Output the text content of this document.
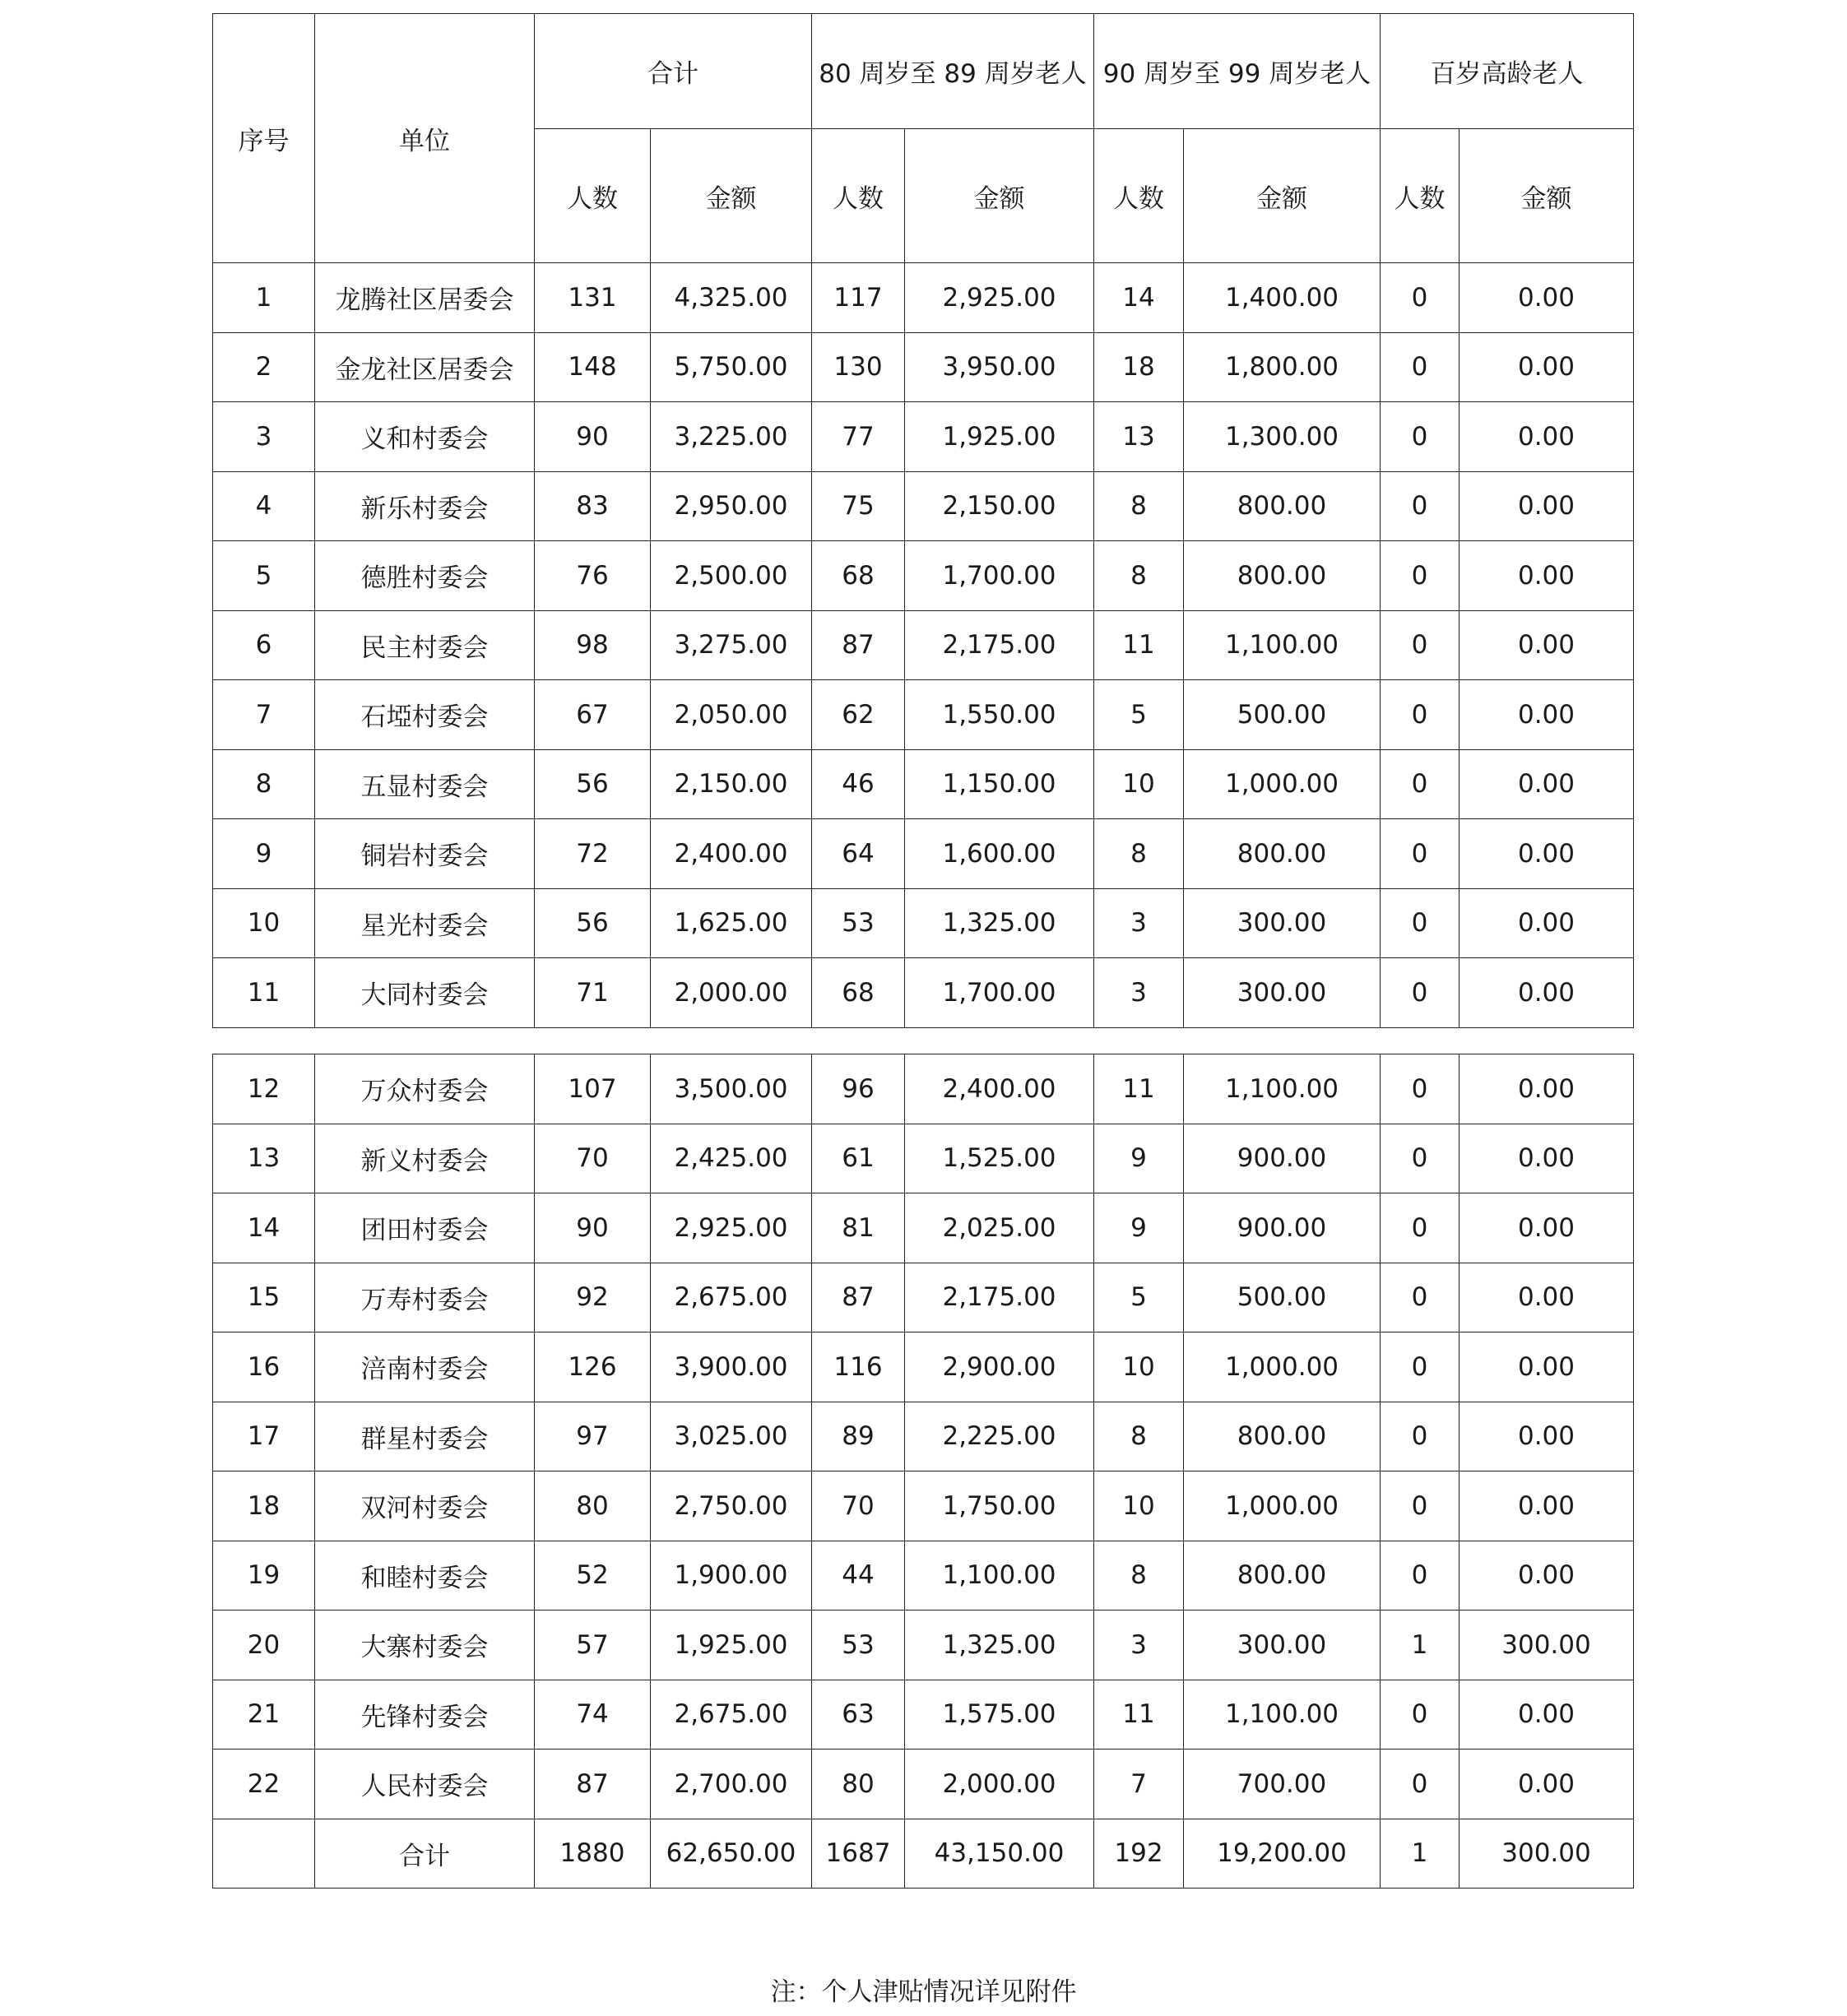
序号	单位	合计		80 周岁至 89 周岁老人		90 周岁至 99 周岁老人		百岁高龄老人	
		人数	金额	人数	金额	人数	金额	人数	金额
1	龙腾社区居委会	131	4,325.00	117	2,925.00	14	1,400.00	0	0.00
2	金龙社区居委会	148	5,750.00	130	3,950.00	18	1,800.00	0	0.00
3	义和村委会	90	3,225.00	77	1,925.00	13	1,300.00	0	0.00
4	新乐村委会	83	2,950.00	75	2,150.00	8	800.00	0	0.00
5	德胜村委会	76	2,500.00	68	1,700.00	8	800.00	0	0.00
6	民主村委会	98	3,275.00	87	2,175.00	11	1,100.00	0	0.00
7	石埡村委会	67	2,050.00	62	1,550.00	5	500.00	0	0.00
8	五显村委会	56	2,150.00	46	1,150.00	10	1,000.00	0	0.00
9	铜岩村委会	72	2,400.00	64	1,600.00	8	800.00	0	0.00
10	星光村委会	56	1,625.00	53	1,325.00	3	300.00	0	0.00
11	大同村委会	71	2,000.00	68	1,700.00	3	300.00	0	0.00
12	万众村委会	107	3,500.00	96	2,400.00	11	1,100.00	0	0.00
13	新义村委会	70	2,425.00	61	1,525.00	9	900.00	0	0.00
14	团田村委会	90	2,925.00	81	2,025.00	9	900.00	0	0.00
15	万寿村委会	92	2,675.00	87	2,175.00	5	500.00	0	0.00
16	涪南村委会	126	3,900.00	116	2,900.00	10	1,000.00	0	0.00
17	群星村委会	97	3,025.00	89	2,225.00	8	800.00	0	0.00
18	双河村委会	80	2,750.00	70	1,750.00	10	1,000.00	0	0.00
19	和睦村委会	52	1,900.00	44	1,100.00	8	800.00	0	0.00
20	大寨村委会	57	1,925.00	53	1,325.00	3	300.00	1	300.00
21	先锋村委会	74	2,675.00	63	1,575.00	11	1,100.00	0	0.00
22	人民村委会	87	2,700.00	80	2,000.00	7	700.00	0	0.00
	合计	1880	62,650.00	1687	43,150.00	192	19,200.00	1	300.00
注：个人津贴情况详见附件
